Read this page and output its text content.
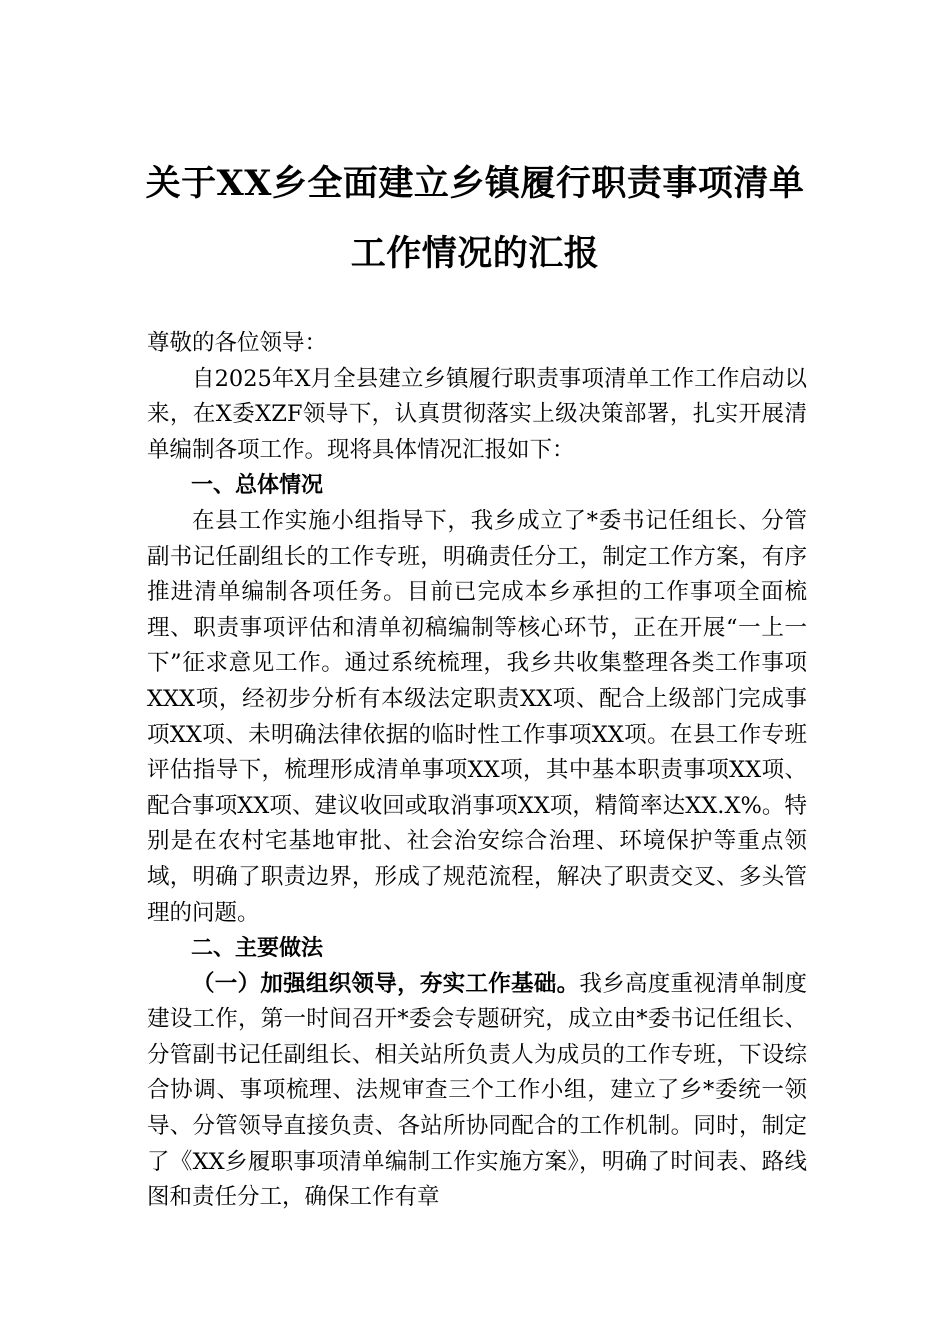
关于XX乡全面建立乡镇履行职责事项清单
工作情况的汇报

尊敬的各位领导：

自2025年X月全县建立乡镇履行职责事项清单工作工作启动以来，在X委XZF领导下，认真贯彻落实上级决策部署，扎实开展清单编制各项工作。现将具体情况汇报如下：

一、总体情况

在县工作实施小组指导下，我乡成立了*委书记任组长、分管副书记任副组长的工作专班，明确责任分工，制定工作方案，有序推进清单编制各项任务。目前已完成本乡承担的工作事项全面梳理、职责事项评估和清单初稿编制等核心环节，正在开展“一上一下”征求意见工作。通过系统梳理，我乡共收集整理各类工作事项XXX项，经初步分析有本级法定职责XX项、配合上级部门完成事项XX项、未明确法律依据的临时性工作事项XX项。在县工作专班评估指导下，梳理形成清单事项XX项，其中基本职责事项XX项、配合事项XX项、建议收回或取消事项XX项，精简率达XX.X%。特别是在农村宅基地审批、社会治安综合治理、环境保护等重点领域，明确了职责边界，形成了规范流程，解决了职责交叉、多头管理的问题。

二、主要做法

（一）加强组织领导，夯实工作基础。我乡高度重视清单制度建设工作，第一时间召开*委会专题研究，成立由*委书记任组长、分管副书记任副组长、相关站所负责人为成员的工作专班，下设综合协调、事项梳理、法规审查三个工作小组，建立了乡*委统一领导、分管领导直接负责、各站所协同配合的工作机制。同时，制定了《XX乡履职事项清单编制工作实施方案》，明确了时间表、路线图和责任分工，确保工作有章
